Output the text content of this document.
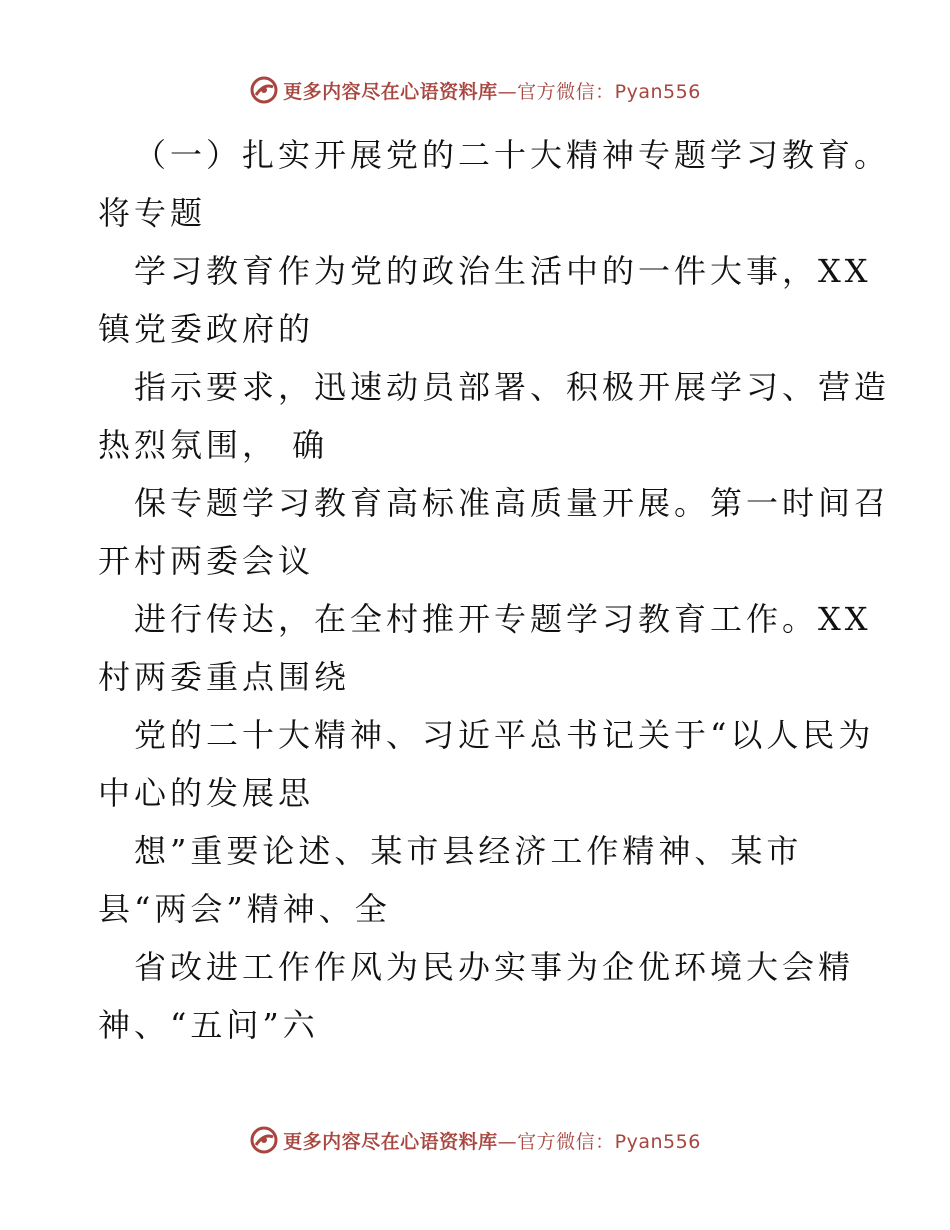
更多内容尽在心语资料库—官方微信：Pyan556
（一）扎实开展党的二十大精神专题学习教育。
将专题
学习教育作为党的政治生活中的一件大事，XX
镇党委政府的
指示要求，迅速动员部署、积极开展学习、营造
热烈氛围， 确
保专题学习教育高标准高质量开展。第一时间召
开村两委会议
进行传达，在全村推开专题学习教育工作。XX
村两委重点围绕
党的二十大精神、习近平总书记关于“以人民为
中心的发展思
想”重要论述、某市县经济工作精神、某市
县“两会”精神、全
省改进工作作风为民办实事为企优环境大会精
神、“五问”六
更多内容尽在心语资料库—官方微信：Pyan556
